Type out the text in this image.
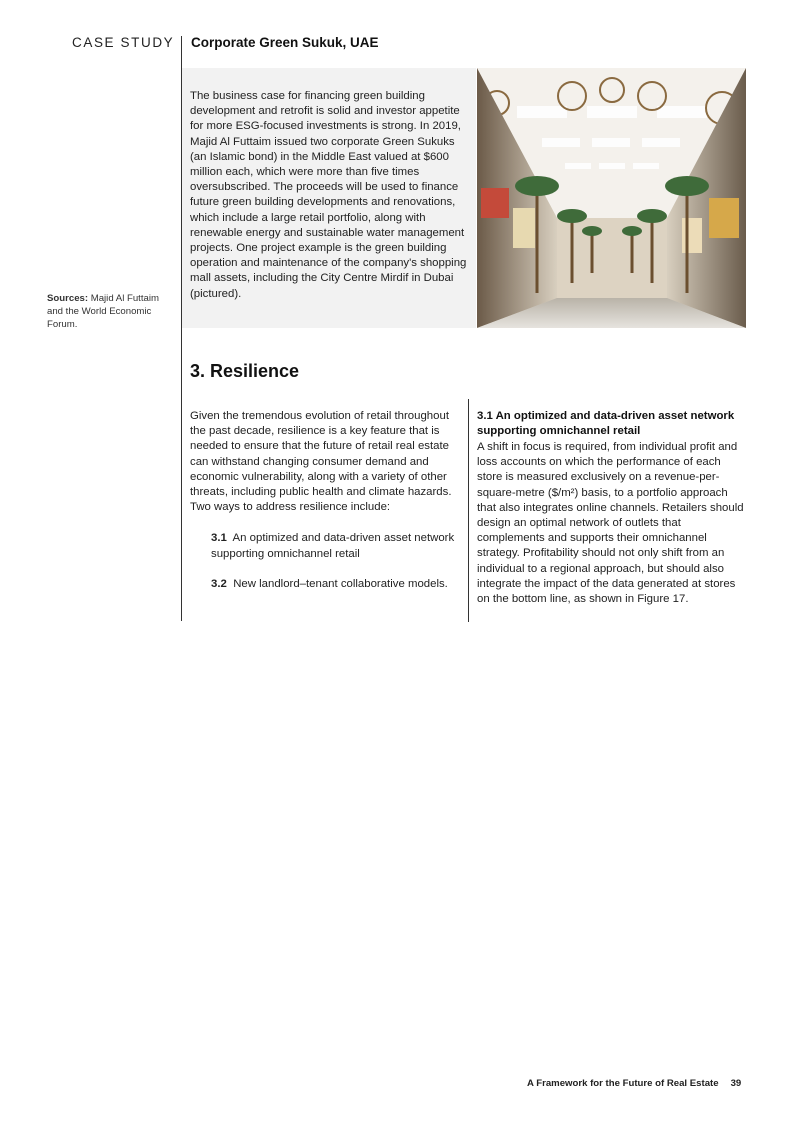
CASE STUDY Corporate Green Sukuk, UAE
The business case for financing green building development and retrofit is solid and investor appetite for more ESG-focused investments is strong. In 2019, Majid Al Futtaim issued two corporate Green Sukuks (an Islamic bond) in the Middle East valued at $600 million each, which were more than five times oversubscribed. The proceeds will be used to finance future green building developments and renovations, which include a large retail portfolio, along with renewable energy and sustainable water management projects. One project example is the green building operation and maintenance of the company's shopping mall assets, including the City Centre Mirdif in Dubai (pictured).
Sources: Majid Al Futtaim and the World Economic Forum.
3. Resilience
Given the tremendous evolution of retail throughout the past decade, resilience is a key feature that is needed to ensure that the future of retail real estate can withstand changing consumer demand and economic vulnerability, along with a variety of other threats, including public health and climate hazards. Two ways to address resilience include:
3.1 An optimized and data-driven asset network supporting omnichannel retail
3.2 New landlord–tenant collaborative models.
3.1 An optimized and data-driven asset network supporting omnichannel retail
A shift in focus is required, from individual profit and loss accounts on which the performance of each store is measured exclusively on a revenue-per-square-metre ($/m²) basis, to a portfolio approach that also integrates online channels. Retailers should design an optimal network of outlets that complements and supports their omnichannel strategy. Profitability should not only shift from an individual to a regional approach, but should also integrate the impact of the data generated at stores on the bottom line, as shown in Figure 17.
A Framework for the Future of Real Estate 39
